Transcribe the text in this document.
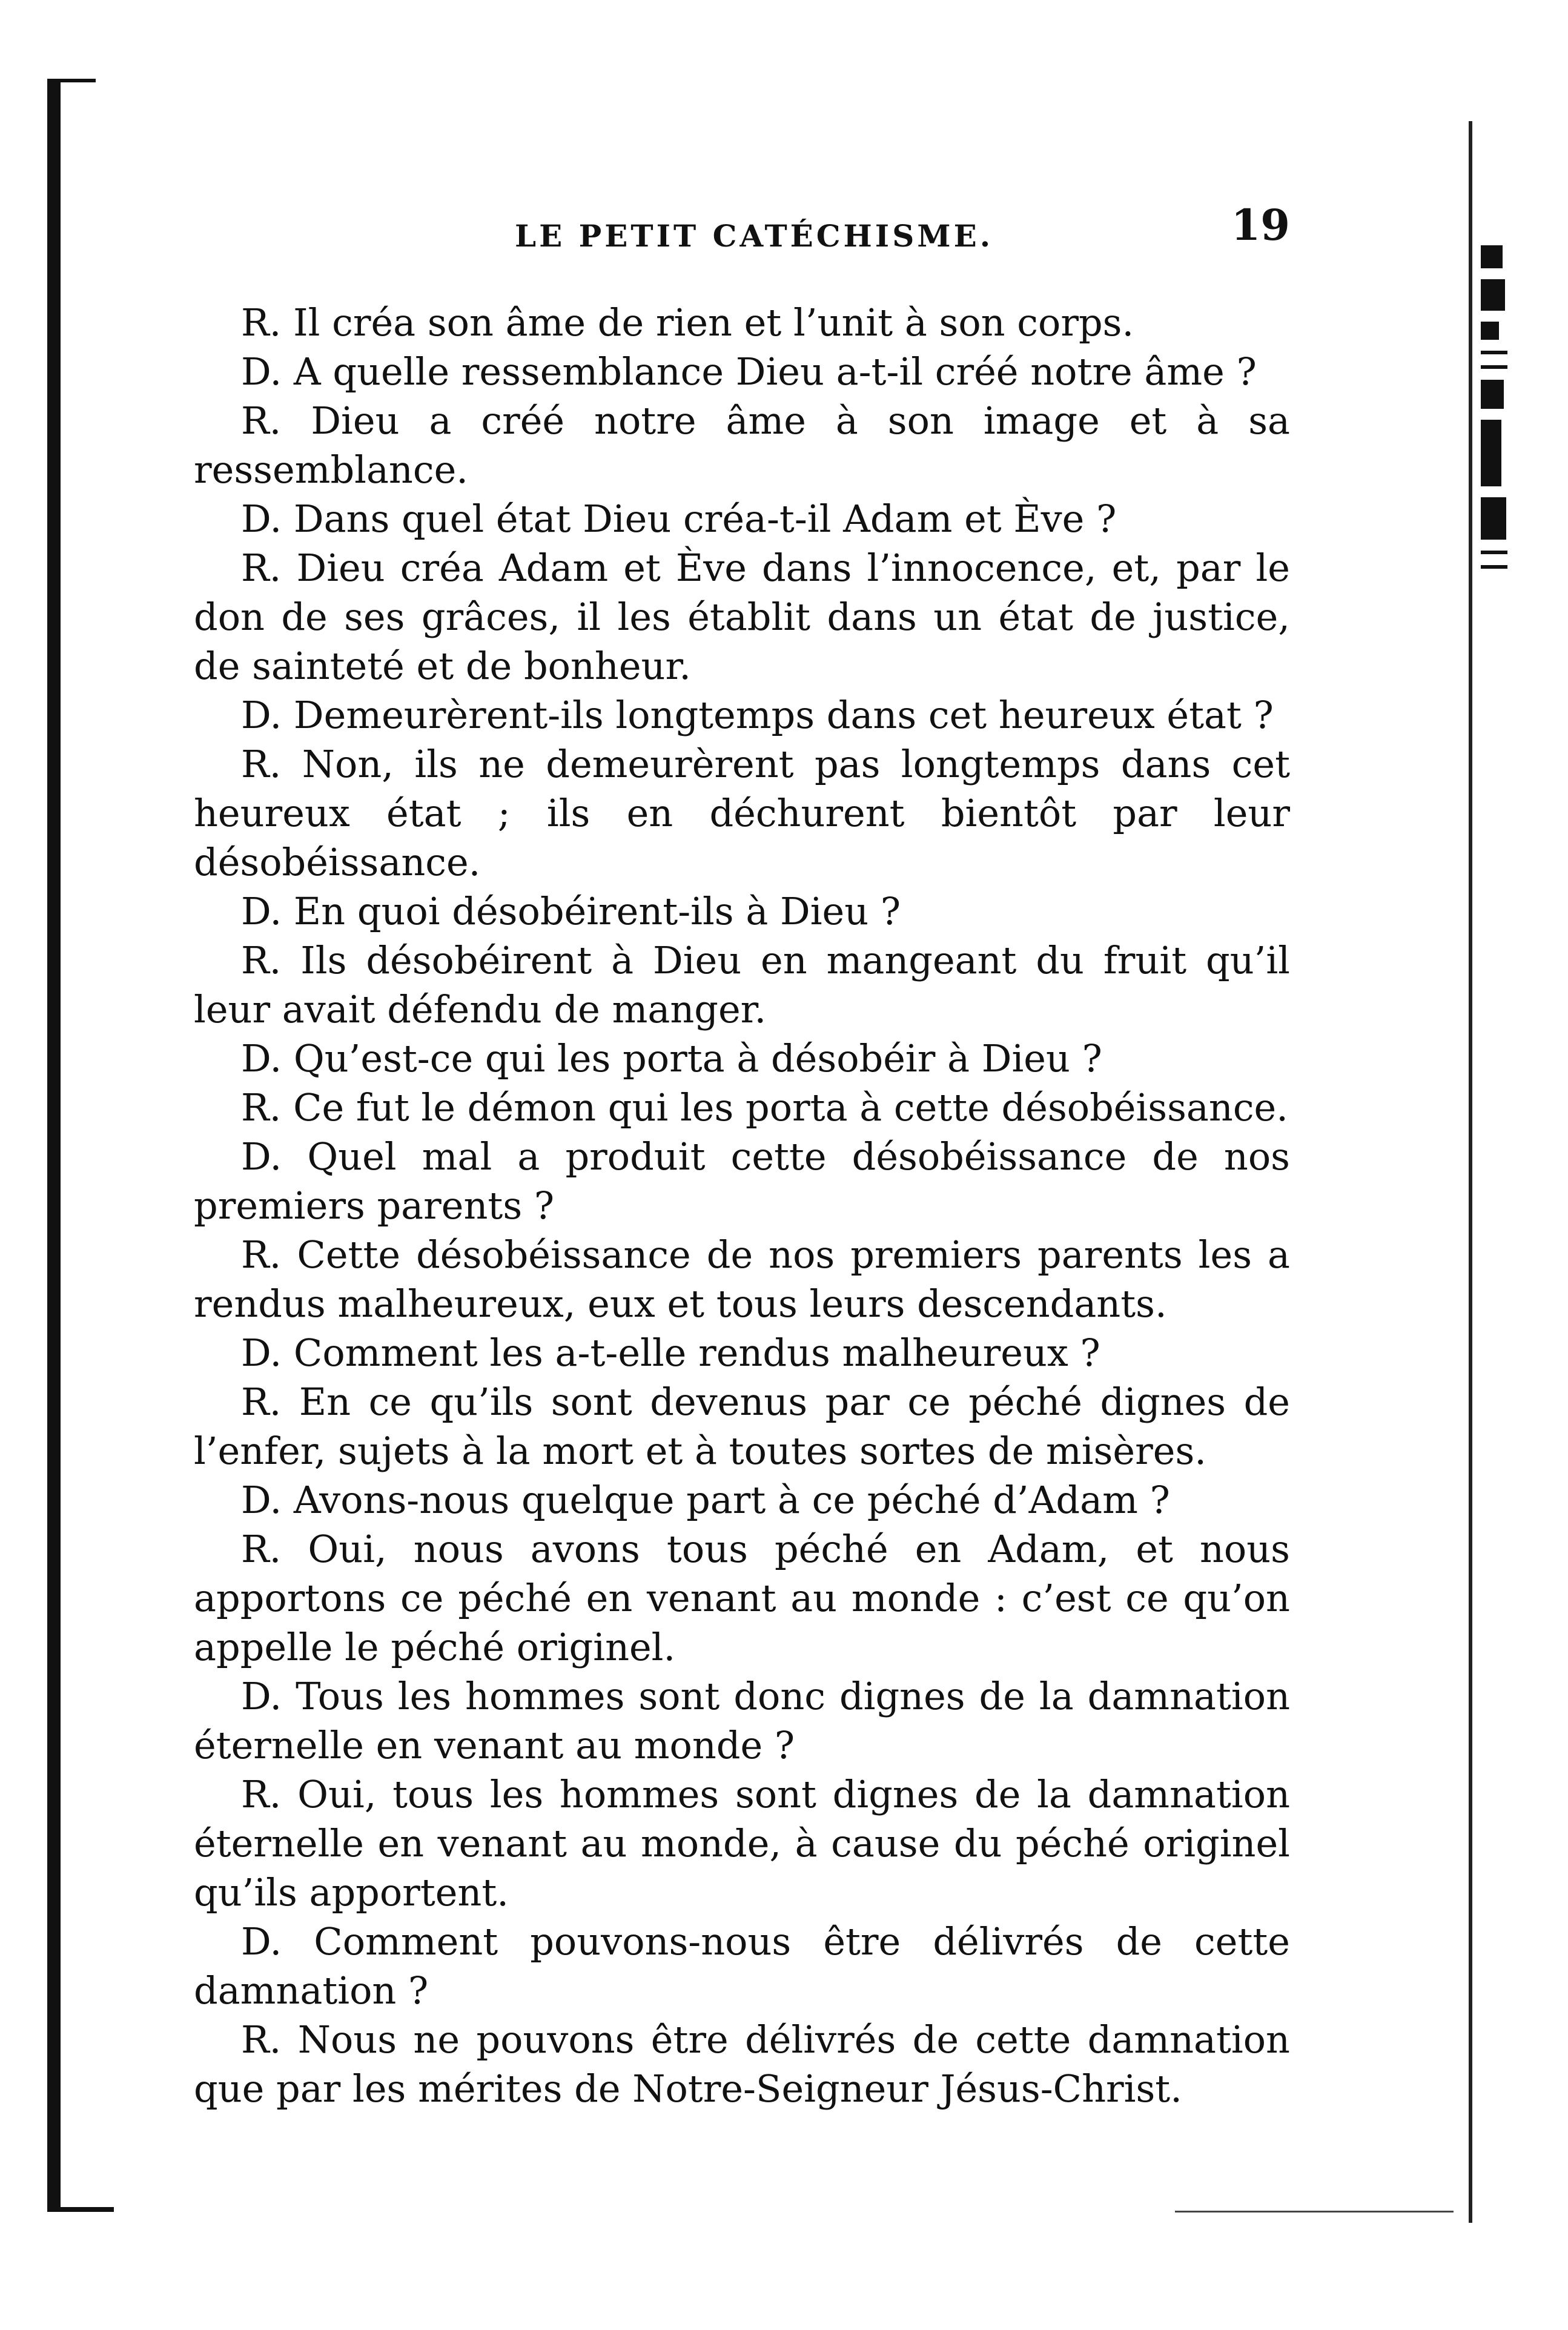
LE PETIT CATÉCHISME.	19

R. Il créa son âme de rien et l’unit à son corps.

D. A quelle ressemblance Dieu a-t-il créé notre âme ?

R. Dieu a créé notre âme à son image et à sa ressemblance.

D. Dans quel état Dieu créa-t-il Adam et Ève ?

R. Dieu créa Adam et Ève dans l’innocence, et, par le don de ses grâces, il les établit dans un état de justice, de sainteté et de bonheur.

D. Demeurèrent-ils longtemps dans cet heureux état ?

R. Non, ils ne demeurèrent pas longtemps dans cet heureux état ; ils en déchurent bientôt par leur désobéissance.

D. En quoi désobéirent-ils à Dieu ?

R. Ils désobéirent à Dieu en mangeant du fruit qu’il leur avait défendu de manger.

D. Qu’est-ce qui les porta à désobéir à Dieu ?

R. Ce fut le démon qui les porta à cette désobéissance.

D. Quel mal a produit cette désobéissance de nos premiers parents ?

R. Cette désobéissance de nos premiers parents les a rendus malheureux, eux et tous leurs descendants.

D. Comment les a-t-elle rendus malheureux ?

R. En ce qu’ils sont devenus par ce péché dignes de l’enfer, sujets à la mort et à toutes sortes de misères.

D. Avons-nous quelque part à ce péché d’Adam ?

R. Oui, nous avons tous péché en Adam, et nous apportons ce péché en venant au monde : c’est ce qu’on appelle le péché originel.

D. Tous les hommes sont donc dignes de la damnation éternelle en venant au monde ?

R. Oui, tous les hommes sont dignes de la damnation éternelle en venant au monde, à cause du péché originel qu’ils apportent.

D. Comment pouvons-nous être délivrés de cette damnation ?

R. Nous ne pouvons être délivrés de cette damnation que par les mérites de Notre-Seigneur Jésus-Christ.
